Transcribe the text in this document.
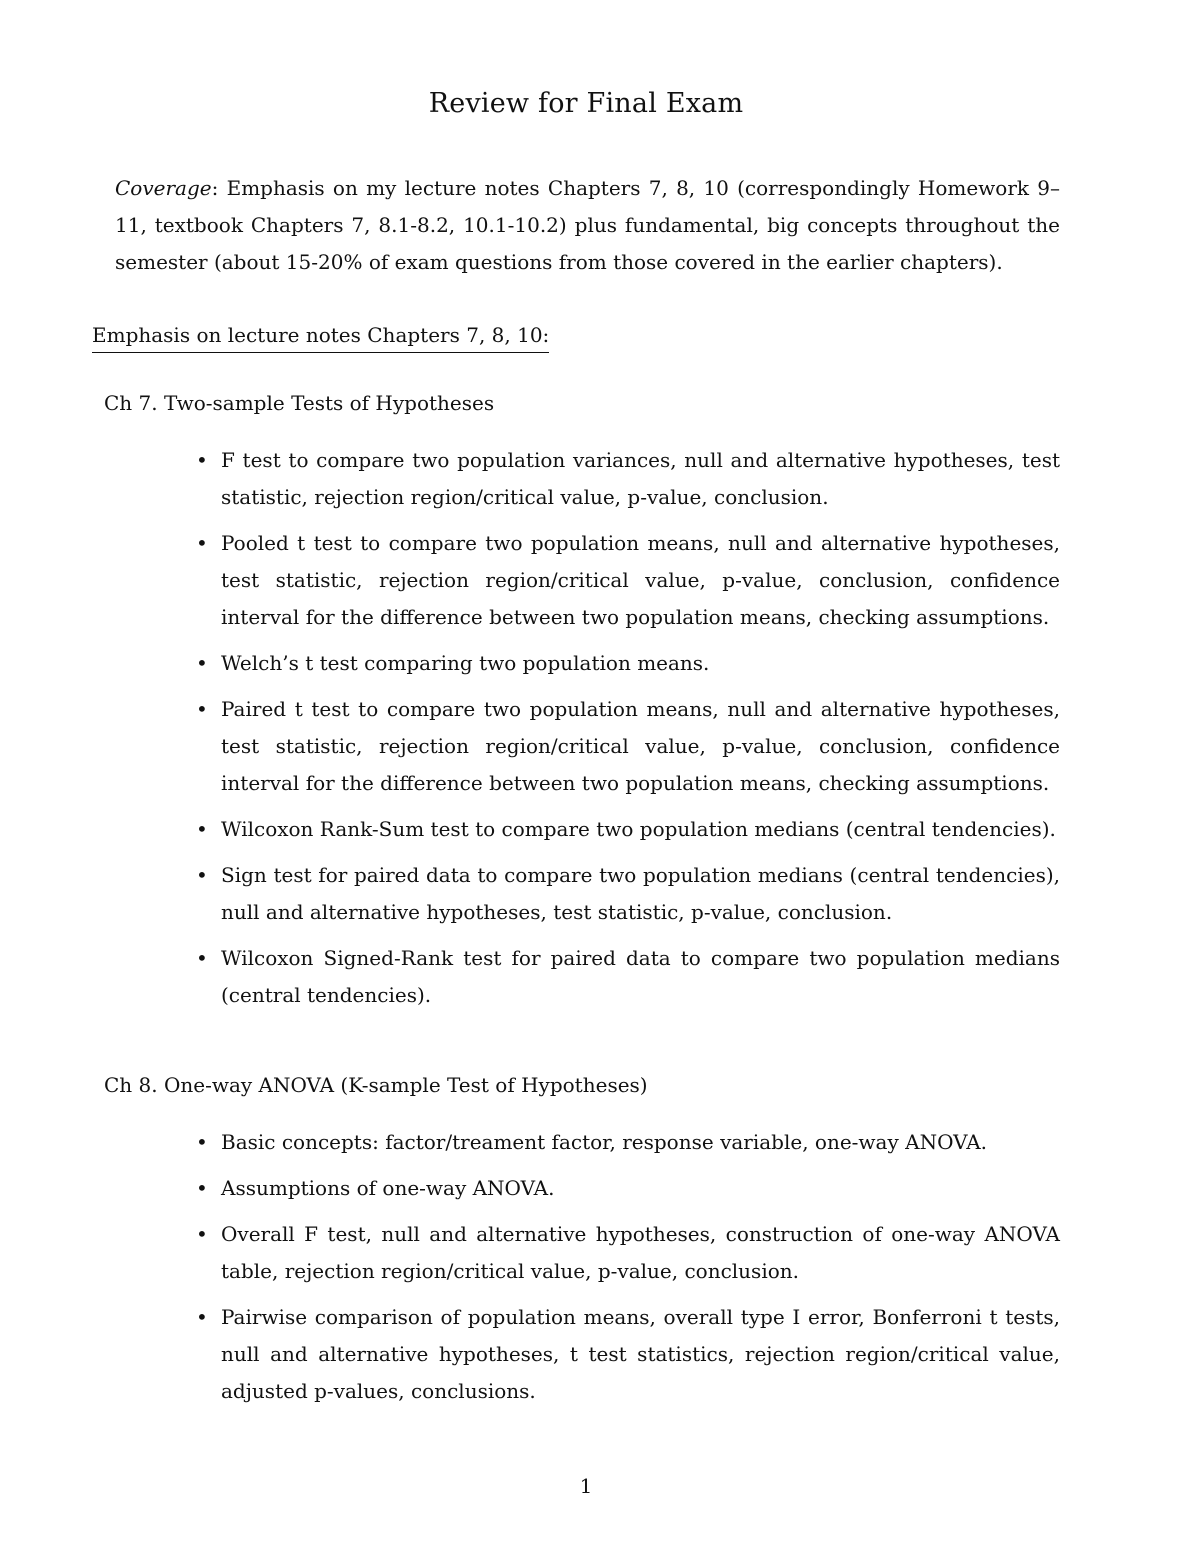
Review for Final Exam

Coverage: Emphasis on my lecture notes Chapters 7, 8, 10 (correspondingly Homework 9–11, textbook Chapters 7, 8.1-8.2, 10.1-10.2) plus fundamental, big concepts throughout the semester (about 15-20% of exam questions from those covered in the earlier chapters).

Emphasis on lecture notes Chapters 7, 8, 10:
Ch 7. Two-sample Tests of Hypotheses
• F test to compare two population variances, null and alternative hypotheses, test statistic, rejection region/critical value, p-value, conclusion.
• Pooled t test to compare two population means, null and alternative hypotheses, test statistic, rejection region/critical value, p-value, conclusion, confidence interval for the difference between two population means, checking assumptions.
• Welch’s t test comparing two population means.
• Paired t test to compare two population means, null and alternative hypotheses, test statistic, rejection region/critical value, p-value, conclusion, confidence interval for the difference between two population means, checking assumptions.
• Wilcoxon Rank-Sum test to compare two population medians (central tendencies).
• Sign test for paired data to compare two population medians (central tendencies), null and alternative hypotheses, test statistic, p-value, conclusion.
• Wilcoxon Signed-Rank test for paired data to compare two population medians (central tendencies).
Ch 8. One-way ANOVA (K-sample Test of Hypotheses)
• Basic concepts: factor/treament factor, response variable, one-way ANOVA.
• Assumptions of one-way ANOVA.
• Overall F test, null and alternative hypotheses, construction of one-way ANOVA table, rejection region/critical value, p-value, conclusion.
• Pairwise comparison of population means, overall type I error, Bonferroni t tests, null and alternative hypotheses, t test statistics, rejection region/critical value, adjusted p-values, conclusions.
1
